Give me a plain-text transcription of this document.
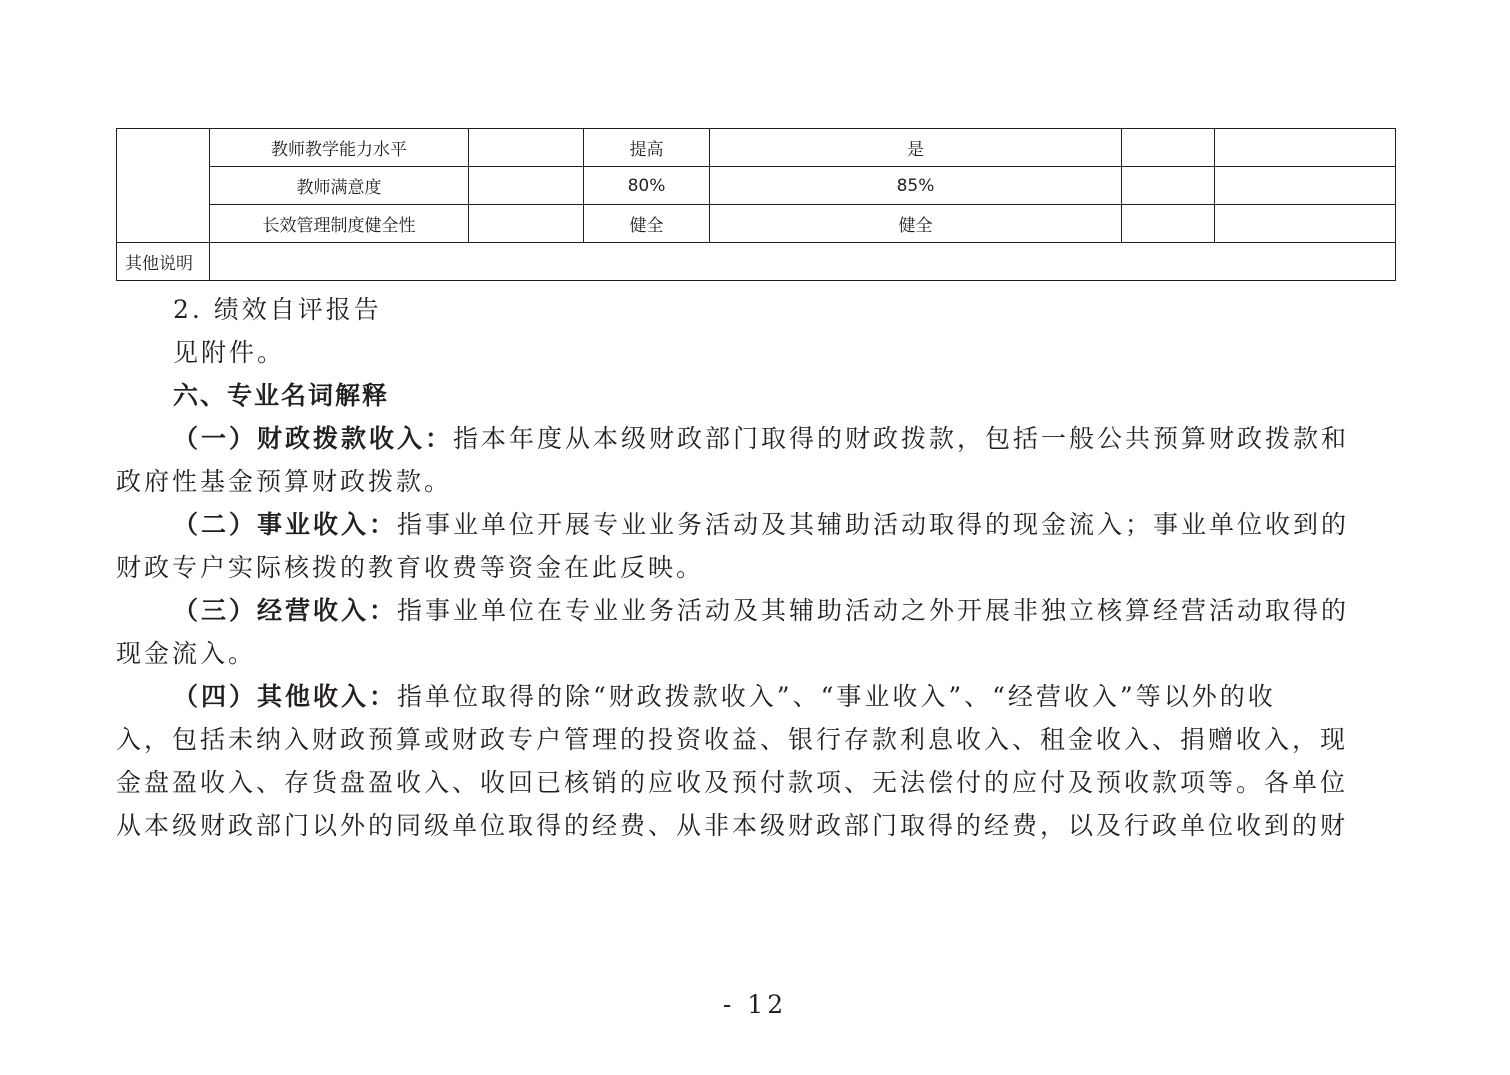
	教师教学能力水平		提高	是		
	教师满意度		80%	85%		
	长效管理制度健全性		健全	健全		
其他说明						
2. 绩效自评报告
见附件。
六、专业名词解释
（一）财政拨款收入：指本年度从本级财政部门取得的财政拨款，包括一般公共预算财政拨款和
政府性基金预算财政拨款。
（二）事业收入：指事业单位开展专业业务活动及其辅助活动取得的现金流入；事业单位收到的
财政专户实际核拨的教育收费等资金在此反映。
（三）经营收入：指事业单位在专业业务活动及其辅助活动之外开展非独立核算经营活动取得的
现金流入。
（四）其他收入：指单位取得的除“财政拨款收入”、“事业收入”、“经营收入”等以外的收
入，包括未纳入财政预算或财政专户管理的投资收益、银行存款利息收入、租金收入、捐赠收入，现
金盘盈收入、存货盘盈收入、收回已核销的应收及预付款项、无法偿付的应付及预收款项等。各单位
从本级财政部门以外的同级单位取得的经费、从非本级财政部门取得的经费，以及行政单位收到的财
- 12
